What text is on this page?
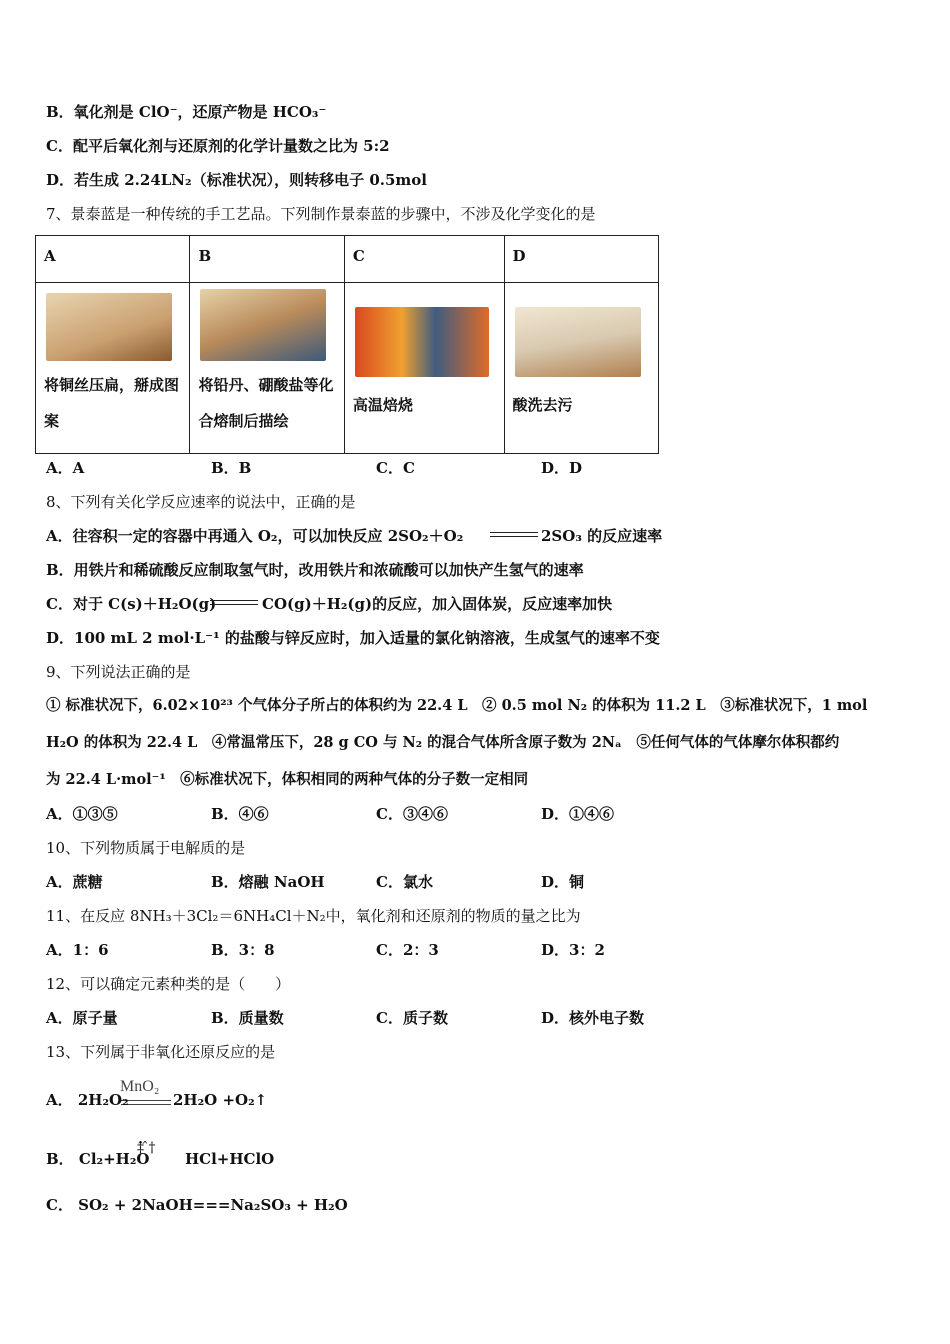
B．氧化剂是 ClO⁻，还原产物是 HCO₃⁻
C．配平后氧化剂与还原剂的化学计量数之比为 5:2
D．若生成 2.24LN₂（标准状况），则转移电子 0.5mol
7、景泰蓝是一种传统的手工艺品。下列制作景泰蓝的步骤中，不涉及化学变化的是
A	B	C	D

将铜丝压扁，掰成图案	将铅丹、硼酸盐等化合熔制后描绘	高温焙烧	酸洗去污
A．A	B．B	C．C	D．D
8、下列有关化学反应速率的说法中，正确的是
A．往容积一定的容器中再通入 O₂，可以加快反应 2SO₂＋O₂	2SO₃ 的反应速率
B．用铁片和稀硫酸反应制取氢气时，改用铁片和浓硫酸可以加快产生氢气的速率
C．对于 C(s)＋H₂O(g)	CO(g)＋H₂(g)的反应，加入固体炭，反应速率加快
D．100 mL 2 mol·L⁻¹ 的盐酸与锌反应时，加入适量的氯化钠溶液，生成氢气的速率不变
9、下列说法正确的是
① 标准状况下，6.02×10²³ 个气体分子所占的体积约为 22.4 L　② 0.5 mol N₂ 的体积为 11.2 L　③标准状况下，1 mol
H₂O 的体积为 22.4 L　④常温常压下，28 g CO 与 N₂ 的混合气体所含原子数为 2Nₐ　⑤任何气体的气体摩尔体积都约
为 22.4 L·mol⁻¹　⑥标准状况下，体积相同的两种气体的分子数一定相同
A．①③⑤	B．④⑥	C．③④⑥	D．①④⑥
10、下列物质属于电解质的是
A．蔗糖	B．熔融 NaOH	C．氯水	D．铜
11、在反应 8NH₃＋3Cl₂＝6NH₄Cl＋N₂中，氧化剂和还原剂的物质的量之比为
A．1：6	B．3：8	C．2：3	D．3：2
12、可以确定元素种类的是（　　）
A．原子量	B．质量数	C．质子数	D．核外电子数
13、下列属于非氧化还原反应的是
MnO₂
A． 2H₂O₂	2H₂O +O₂↑
B． Cl₂+H₂O
‡̂ ̂†
HCl+HClO
C． SO₂ + 2NaOH===Na₂SO₃ + H₂O
